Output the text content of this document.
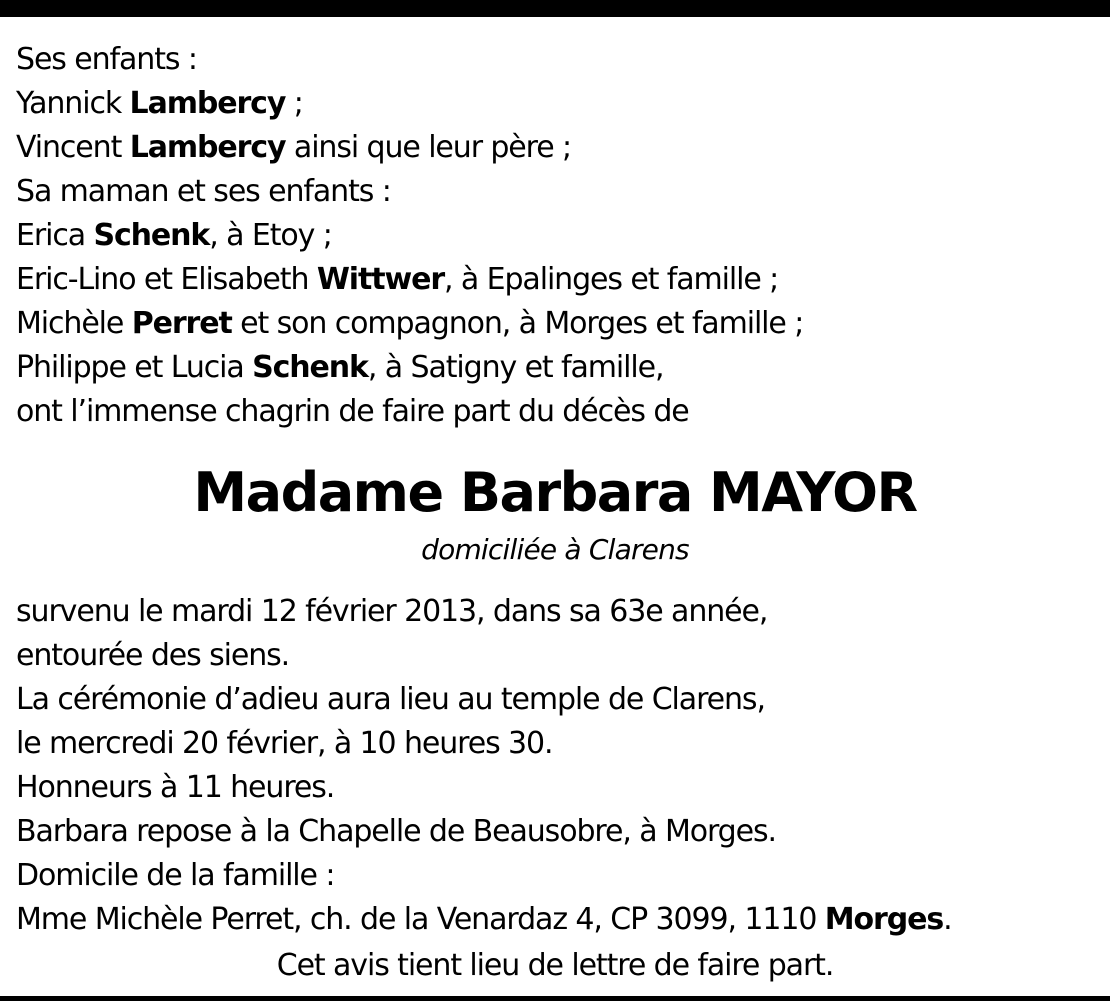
Ses enfants :
Yannick Lambercy ;
Vincent Lambercy ainsi que leur père ;
Sa maman et ses enfants :
Erica Schenk, à Etoy ;
Eric-Lino et Elisabeth Wittwer, à Epalinges et famille ;
Michèle Perret et son compagnon, à Morges et famille ;
Philippe et Lucia Schenk, à Satigny et famille,
ont l’immense chagrin de faire part du décès de
Madame Barbara MAYOR
domiciliée à Clarens
survenu le mardi 12 février 2013, dans sa 63e année,
entourée des siens.
La cérémonie d’adieu aura lieu au temple de Clarens,
le mercredi 20 février, à 10 heures 30.
Honneurs à 11 heures.
Barbara repose à la Chapelle de Beausobre, à Morges.
Domicile de la famille :
Mme Michèle Perret, ch. de la Venardaz 4, CP 3099, 1110 Morges.
Cet avis tient lieu de lettre de faire part.
